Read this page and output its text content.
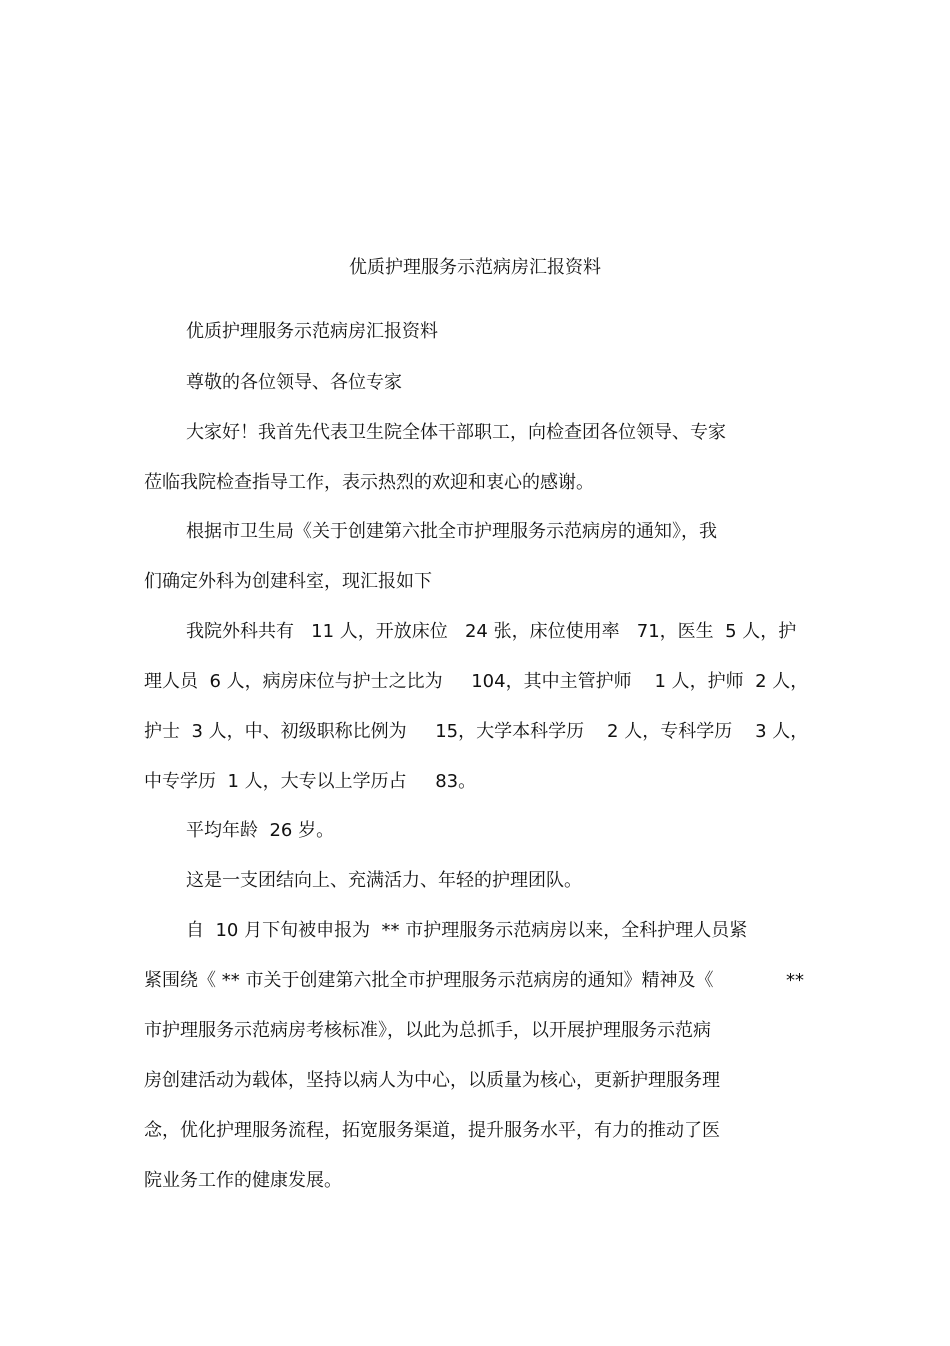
优质护理服务示范病房汇报资料
优质护理服务示范病房汇报资料
尊敬的各位领导、各位专家
大家好！我首先代表卫生院全体干部职工，向检查团各位领导、专家
莅临我院检查指导工作，表示热烈的欢迎和衷心的感谢。
根据市卫生局《关于创建第六批全市护理服务示范病房的通知》，我
们确定外科为创建科室，现汇报如下
我院外科共有   11 人，开放床位   24 张，床位使用率   71，医生  5 人，护
理人员  6 人，病房床位与护士之比为     104，其中主管护师    1 人，护师  2 人，
护士  3 人，中、初级职称比例为     15，大学本科学历    2 人，专科学历    3 人，
中专学历  1 人，大专以上学历占     83。
平均年龄  26 岁。
这是一支团结向上、充满活力、年轻的护理团队。
自  10 月下旬被申报为  ** 市护理服务示范病房以来，全科护理人员紧
紧围绕《 ** 市关于创建第六批全市护理服务示范病房的通知》精神及《	**
市护理服务示范病房考核标准》，以此为总抓手，以开展护理服务示范病
房创建活动为载体，坚持以病人为中心，以质量为核心，更新护理服务理
念，优化护理服务流程，拓宽服务渠道，提升服务水平，有力的推动了医
院业务工作的健康发展。
